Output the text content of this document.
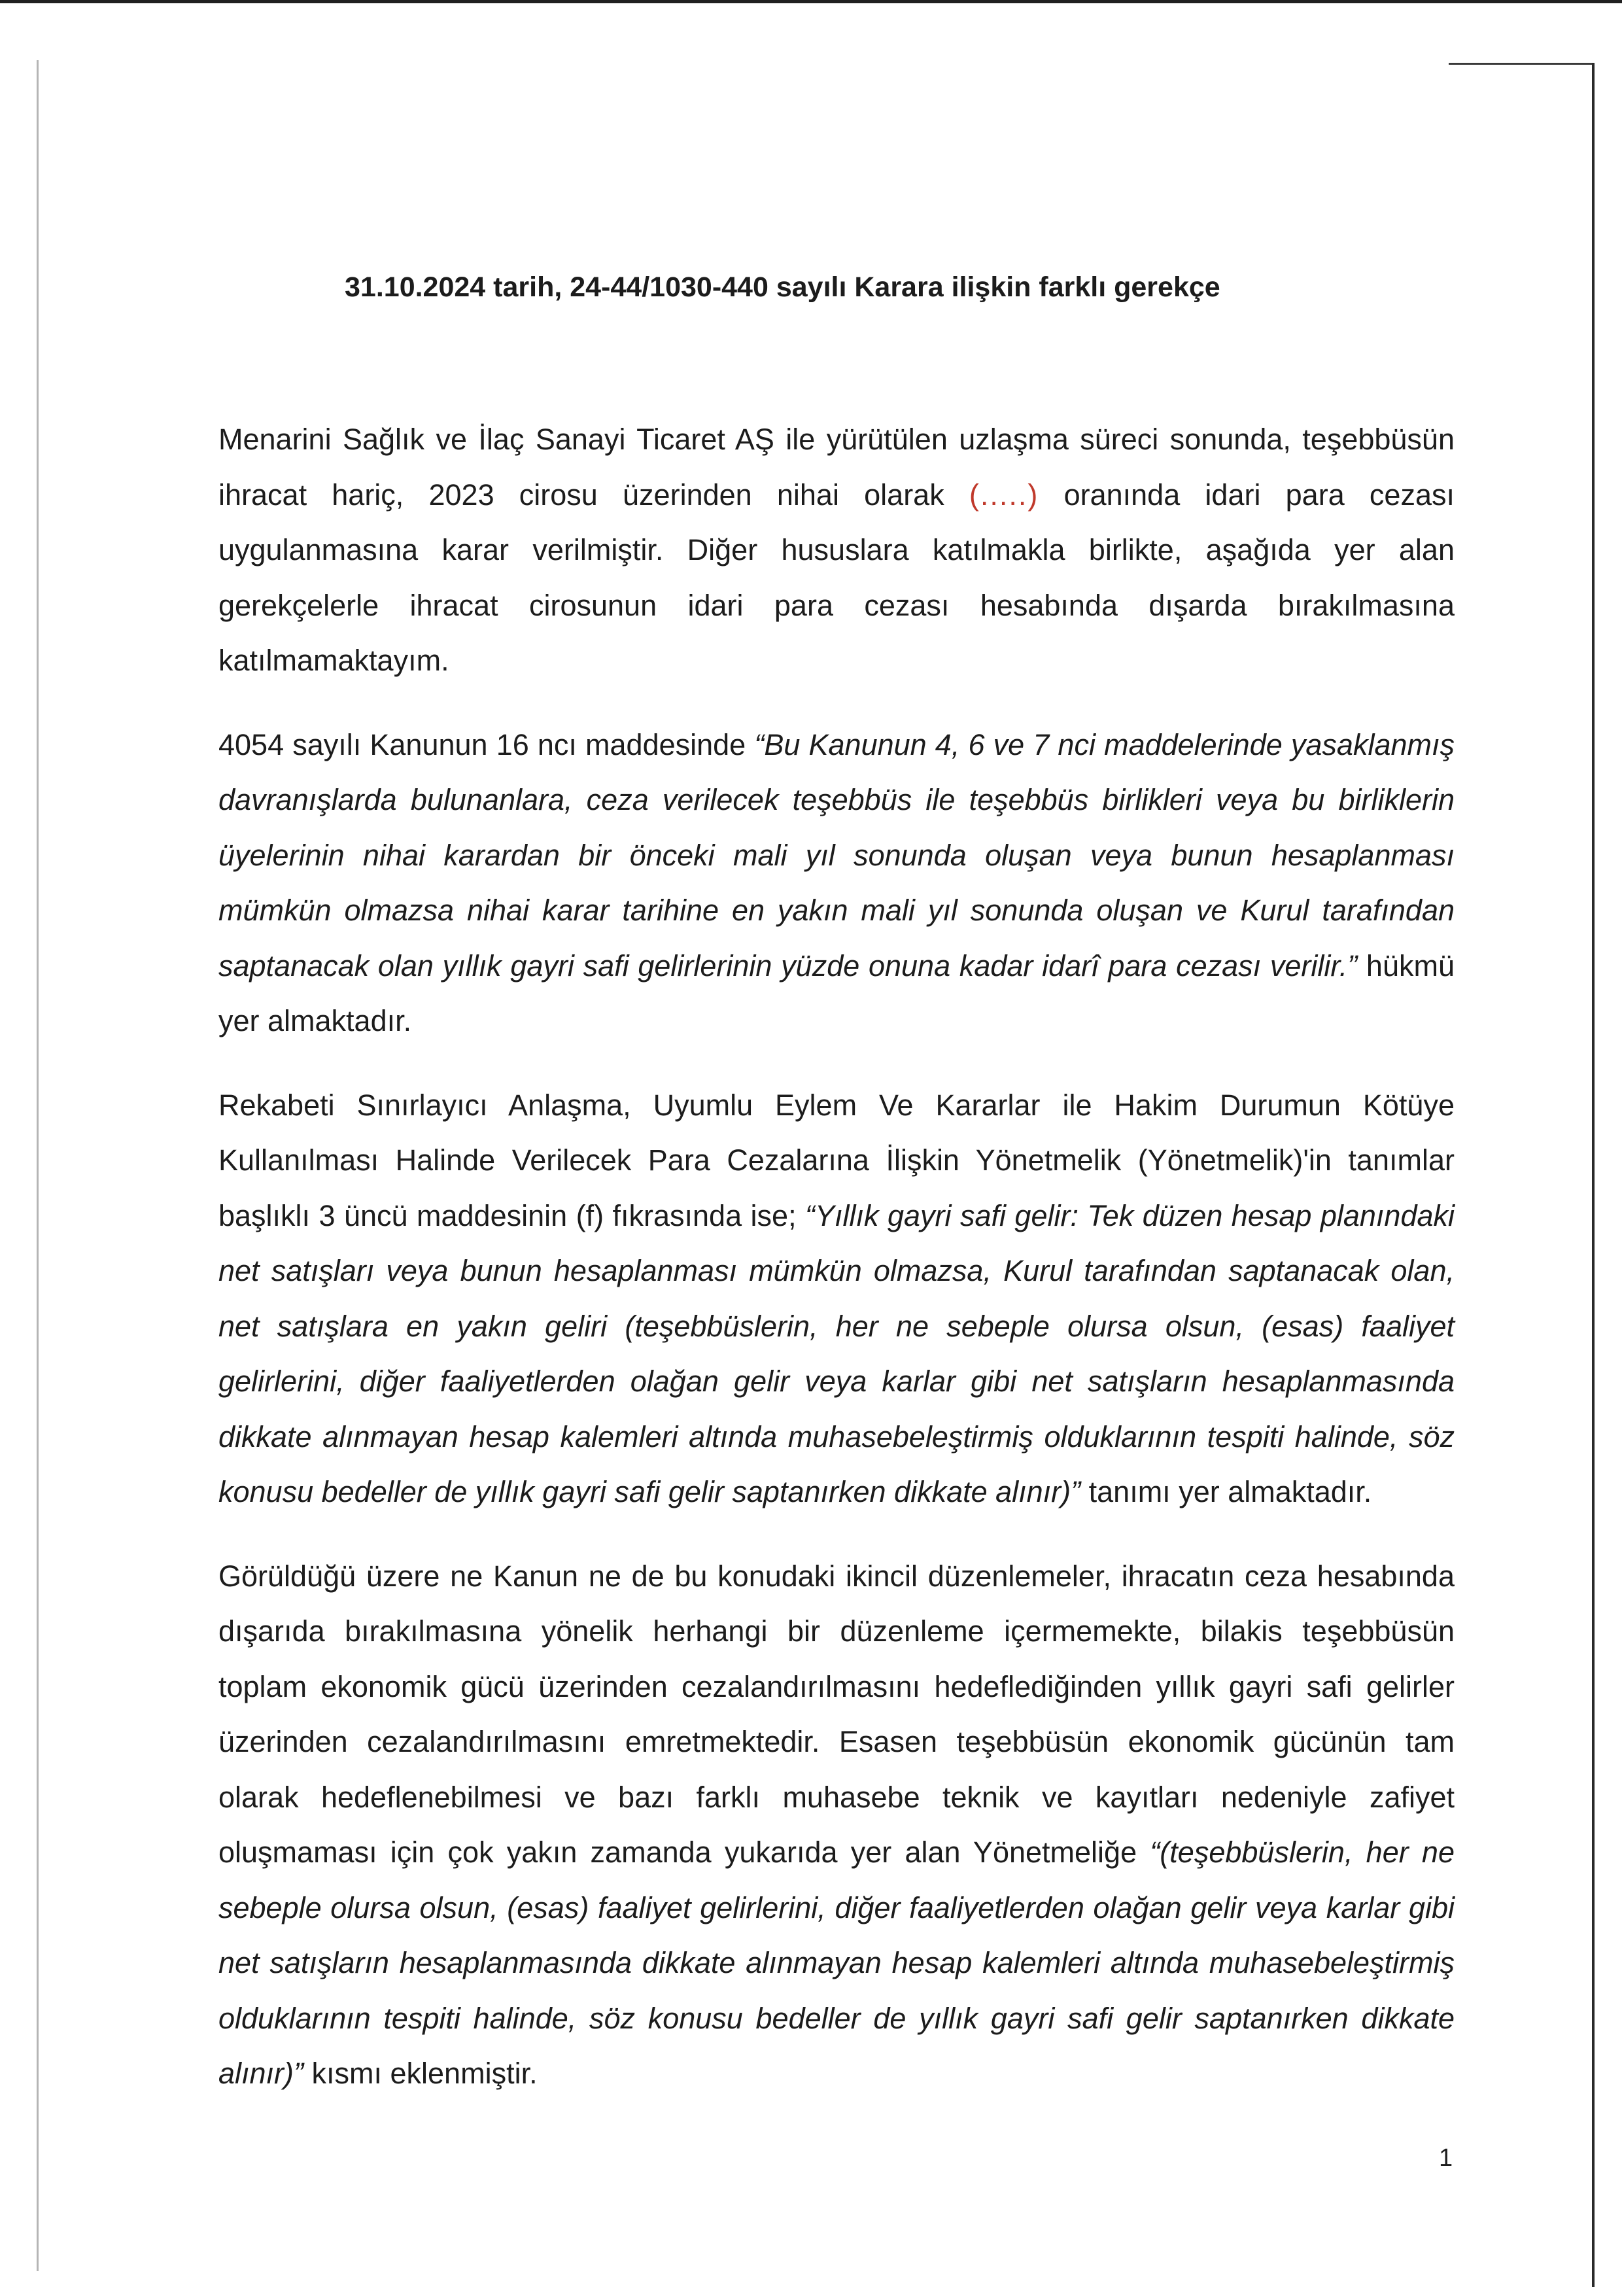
31.10.2024 tarih, 24-44/1030-440 sayılı Karara ilişkin farklı gerekçe

Menarini Sağlık ve İlaç Sanayi Ticaret AŞ ile yürütülen uzlaşma süreci sonunda, teşebbüsün ihracat hariç, 2023 cirosu üzerinden nihai olarak (.....) oranında idari para cezası uygulanmasına karar verilmiştir. Diğer hususlara katılmakla birlikte, aşağıda yer alan gerekçelerle ihracat cirosunun idari para cezası hesabında dışarda bırakılmasına katılmamaktayım.

4054 sayılı Kanunun 16 ncı maddesinde “Bu Kanunun 4, 6 ve 7 nci maddelerinde yasaklanmış davranışlarda bulunanlara, ceza verilecek teşebbüs ile teşebbüs birlikleri veya bu birliklerin üyelerinin nihai karardan bir önceki mali yıl sonunda oluşan veya bunun hesaplanması mümkün olmazsa nihai karar tarihine en yakın mali yıl sonunda oluşan ve Kurul tarafından saptanacak olan yıllık gayri safi gelirlerinin yüzde onuna kadar idarî para cezası verilir.” hükmü yer almaktadır.

Rekabeti Sınırlayıcı Anlaşma, Uyumlu Eylem Ve Kararlar ile Hakim Durumun Kötüye Kullanılması Halinde Verilecek Para Cezalarına İlişkin Yönetmelik (Yönetmelik)'in tanımlar başlıklı 3 üncü maddesinin (f) fıkrasında ise; “Yıllık gayri safi gelir: Tek düzen hesap planındaki net satışları veya bunun hesaplanması mümkün olmazsa, Kurul tarafından saptanacak olan, net satışlara en yakın geliri (teşebbüslerin, her ne sebeple olursa olsun, (esas) faaliyet gelirlerini, diğer faaliyetlerden olağan gelir veya karlar gibi net satışların hesaplanmasında dikkate alınmayan hesap kalemleri altında muhasebeleştirmiş olduklarının tespiti halinde, söz konusu bedeller de yıllık gayri safi gelir saptanırken dikkate alınır)” tanımı yer almaktadır.

Görüldüğü üzere ne Kanun ne de bu konudaki ikincil düzenlemeler, ihracatın ceza hesabında dışarıda bırakılmasına yönelik herhangi bir düzenleme içermemekte, bilakis teşebbüsün toplam ekonomik gücü üzerinden cezalandırılmasını hedeflediğinden yıllık gayri safi gelirler üzerinden cezalandırılmasını emretmektedir. Esasen teşebbüsün ekonomik gücünün tam olarak hedeflenebilmesi ve bazı farklı muhasebe teknik ve kayıtları nedeniyle zafiyet oluşmaması için çok yakın zamanda yukarıda yer alan Yönetmeliğe “(teşebbüslerin, her ne sebeple olursa olsun, (esas) faaliyet gelirlerini, diğer faaliyetlerden olağan gelir veya karlar gibi net satışların hesaplanmasında dikkate alınmayan hesap kalemleri altında muhasebeleştirmiş olduklarının tespiti halinde, söz konusu bedeller de yıllık gayri safi gelir saptanırken dikkate alınır)” kısmı eklenmiştir.

1
